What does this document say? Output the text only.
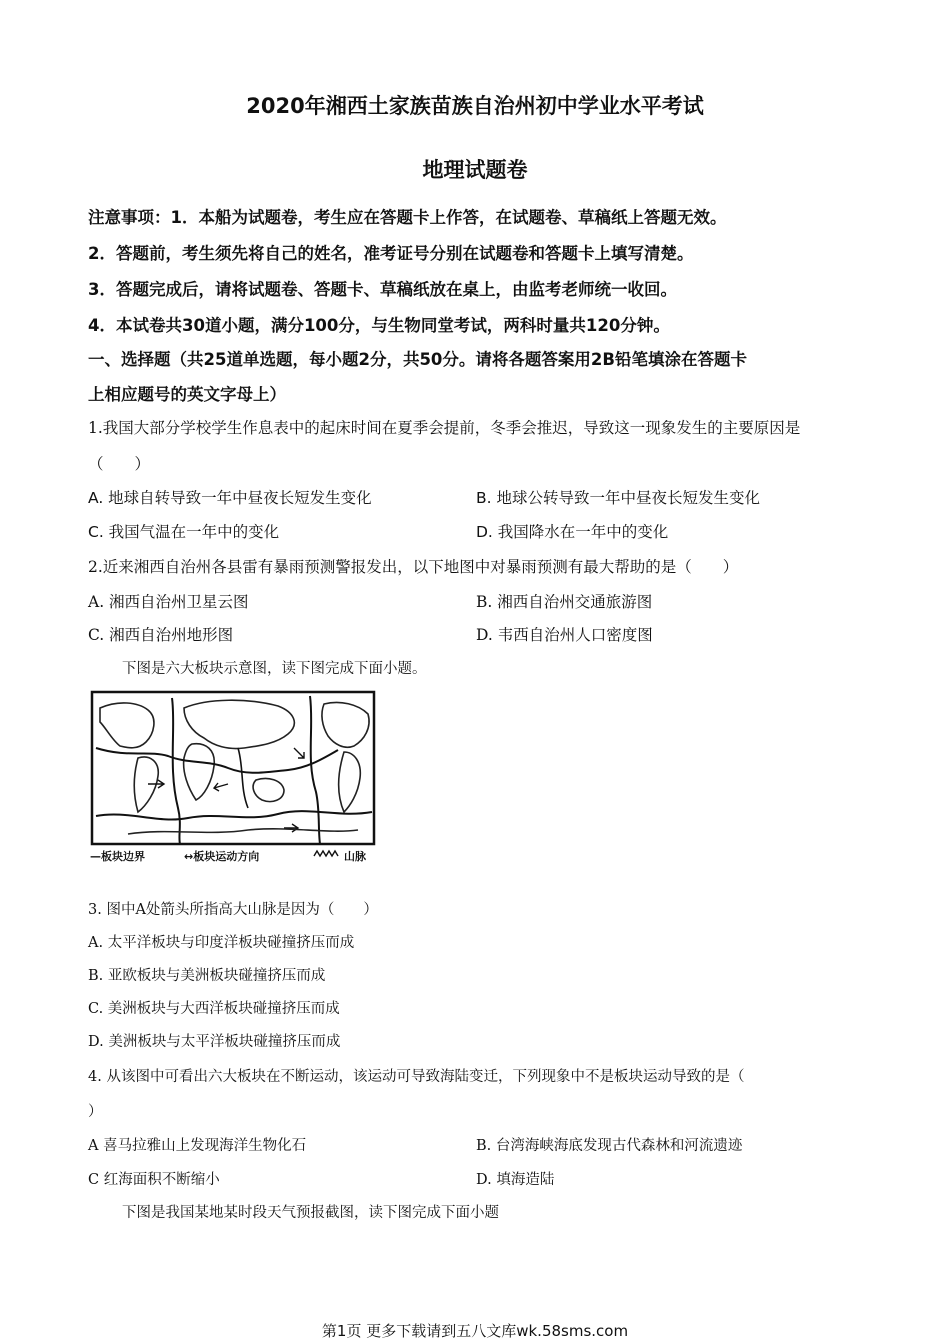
2020年湘西土家族苗族自治州初中学业水平考试
地理试题卷
注意事项：1．本船为试题卷，考生应在答题卡上作答，在试题卷、草稿纸上答题无效。
2．答题前，考生须先将自己的姓名，准考证号分别在试题卷和答题卡上填写清楚。
3．答题完成后，请将试题卷、答题卡、草稿纸放在桌上，由监考老师统一收回。
4．本试卷共30道小题，满分100分，与生物同堂考试，两科时量共120分钟。
一、选择题（共25道单选题，每小题2分，共50分。请将各题答案用2B铅笔填涂在答题卡
上相应题号的英文字母上）
1.我国大部分学校学生作息表中的起床时间在夏季会提前，冬季会推迟，导致这一现象发生的主要原因是
（　　）
A. 地球自转导致一年中昼夜长短发生变化	B. 地球公转导致一年中昼夜长短发生变化
C. 我国气温在一年中的变化	D. 我国降水在一年中的变化
2.近来湘西自治州各县雷有暴雨预测警报发出，以下地图中对暴雨预测有最大帮助的是（　　）
A. 湘西自治州卫星云图	B. 湘西自治州交通旅游图
C. 湘西自治州地形图	D. 韦西自治州人口密度图
下图是六大板块示意图，读下图完成下面小题。
—板块边界	↔板块运动方向	山脉
3. 图中A处箭头所指高大山脉是因为（　　）
A. 太平洋板块与印度洋板块碰撞挤压而成
B. 亚欧板块与美洲板块碰撞挤压而成
C. 美洲板块与大西洋板块碰撞挤压而成
D. 美洲板块与太平洋板块碰撞挤压而成
4. 从该图中可看出六大板块在不断运动，该运动可导致海陆变迁，下列现象中不是板块运动导致的是（
）
A 喜马拉雅山上发现海洋生物化石	B. 台湾海峡海底发现古代森林和河流遗迹
C 红海面积不断缩小	D. 填海造陆
下图是我国某地某时段天气预报截图，读下图完成下面小题
第1页 更多下载请到五八文库wk.58sms.com
